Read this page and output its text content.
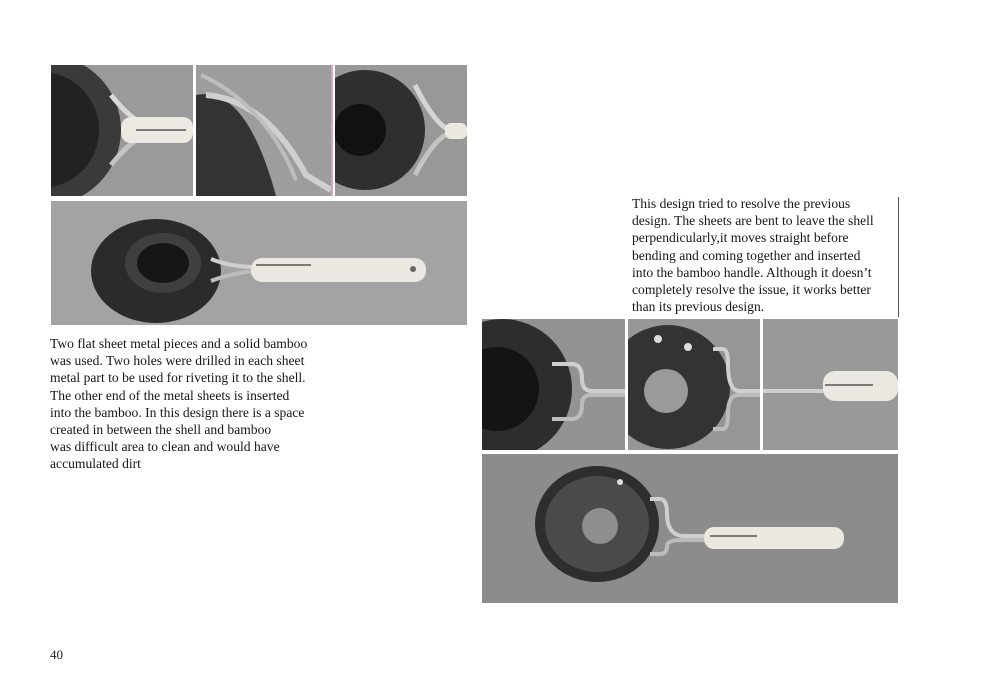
Two flat sheet metal pieces and a solid bamboo
was used. Two holes were drilled in each sheet
metal part to be used for riveting it to the shell.
The other end of the metal sheets is inserted
into the bamboo. In this design there is a space
created in between the shell and bamboo
was difficult area to clean and would have
accumulated dirt

This design tried to resolve the previous
design. The sheets are bent to leave the shell
perpendicularly,it moves straight before
bending and coming together and inserted
into the bamboo handle. Although it doesn’t
completely resolve the issue, it works better
than its previous design.

40
